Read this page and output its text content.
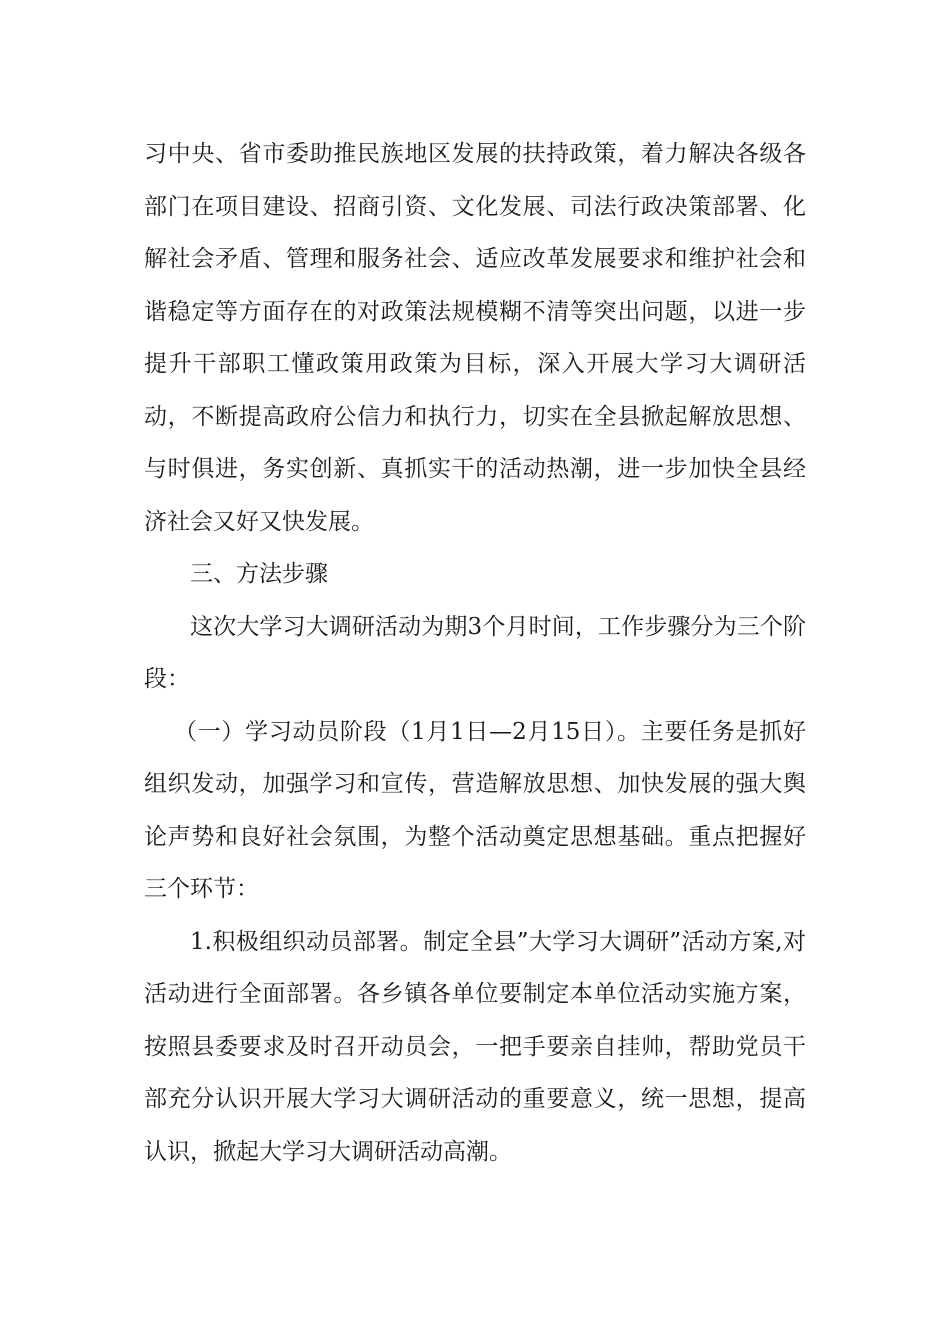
习中央、省市委助推民族地区发展的扶持政策，着力解决各级各部门在项目建设、招商引资、文化发展、司法行政决策部署、化解社会矛盾、管理和服务社会、适应改革发展要求和维护社会和谐稳定等方面存在的对政策法规模糊不清等突出问题，以进一步提升干部职工懂政策用政策为目标，深入开展大学习大调研活动，不断提高政府公信力和执行力，切实在全县掀起解放思想、与时俱进，务实创新、真抓实干的活动热潮，进一步加快全县经济社会又好又快发展。

三、方法步骤

这次大学习大调研活动为期3个月时间，工作步骤分为三个阶段：

（一）学习动员阶段（1月1日—2月15日）。主要任务是抓好组织发动，加强学习和宣传，营造解放思想、加快发展的强大舆论声势和良好社会氛围，为整个活动奠定思想基础。重点把握好三个环节：

1.积极组织动员部署。制定全县”大学习大调研”活动方案,对活动进行全面部署。各乡镇各单位要制定本单位活动实施方案，按照县委要求及时召开动员会，一把手要亲自挂帅，帮助党员干部充分认识开展大学习大调研活动的重要意义，统一思想，提高认识，掀起大学习大调研活动高潮。
